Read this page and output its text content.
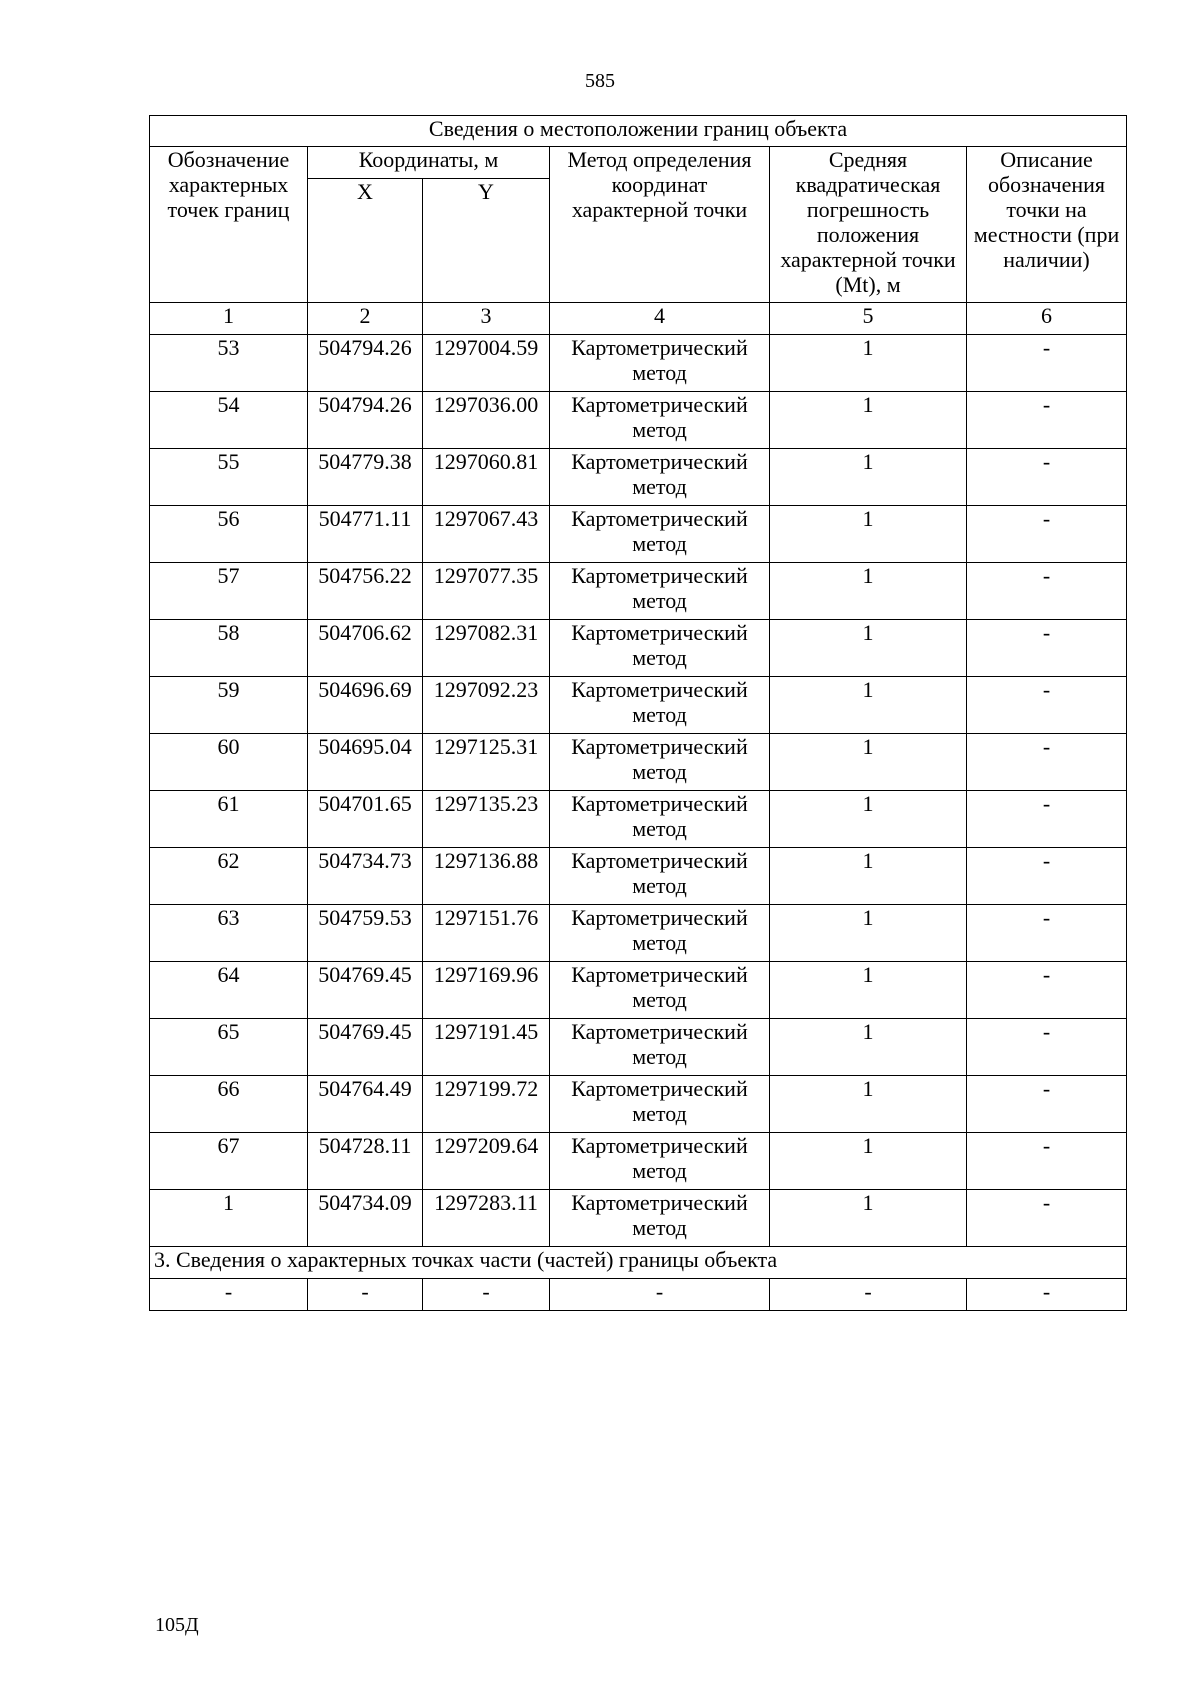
585
Сведения о местоположении границ объекта					
Обозначение характерных точек границ	Координаты, м		Метод определения координат характерной точки	Средняя квадратическая погрешность положения характерной точки (Mt), м	Описание обозначения точки на местности (при наличии)
	X	Y			
1	2	3	4	5	6
53	504794.26	1297004.59	Картометрический метод	1	-
54	504794.26	1297036.00	Картометрический метод	1	-
55	504779.38	1297060.81	Картометрический метод	1	-
56	504771.11	1297067.43	Картометрический метод	1	-
57	504756.22	1297077.35	Картометрический метод	1	-
58	504706.62	1297082.31	Картометрический метод	1	-
59	504696.69	1297092.23	Картометрический метод	1	-
60	504695.04	1297125.31	Картометрический метод	1	-
61	504701.65	1297135.23	Картометрический метод	1	-
62	504734.73	1297136.88	Картометрический метод	1	-
63	504759.53	1297151.76	Картометрический метод	1	-
64	504769.45	1297169.96	Картометрический метод	1	-
65	504769.45	1297191.45	Картометрический метод	1	-
66	504764.49	1297199.72	Картометрический метод	1	-
67	504728.11	1297209.64	Картометрический метод	1	-
1	504734.09	1297283.11	Картометрический метод	1	-
3. Сведения о характерных точках части (частей) границы объекта					
-	-	-	-	-	-
105Д
